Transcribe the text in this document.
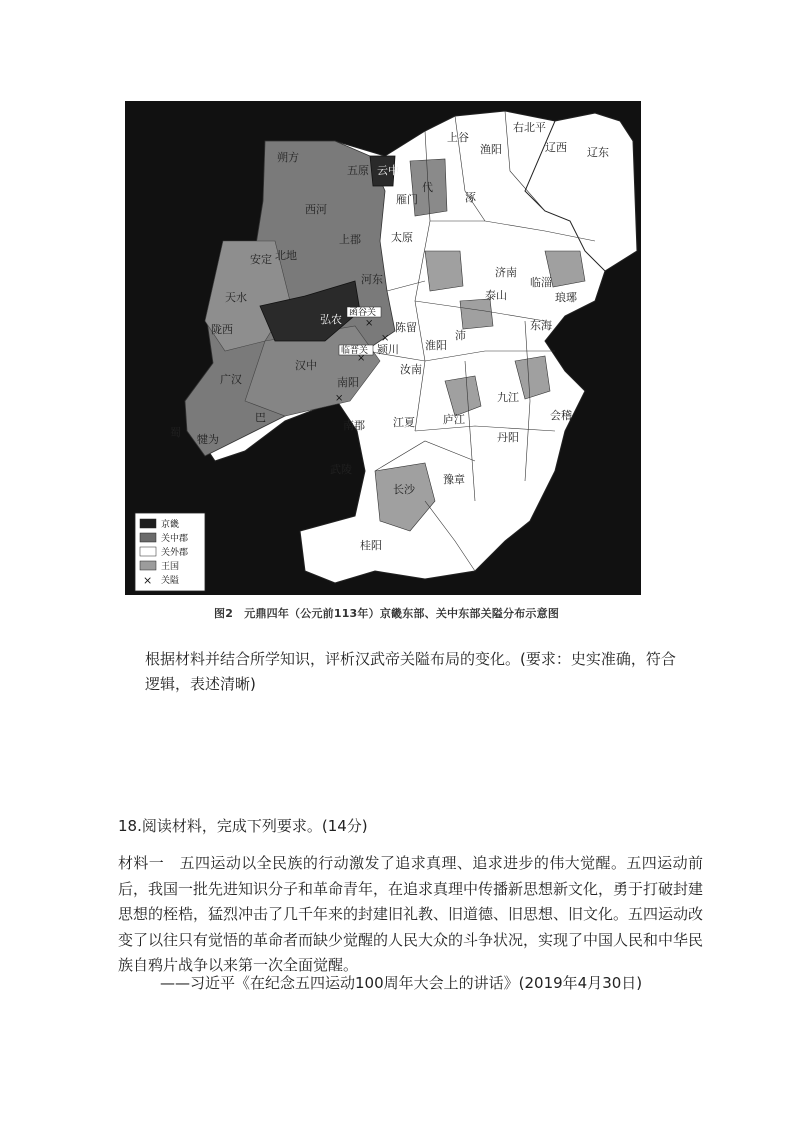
朔方
五原 云中
雁门
代
西河
上郡	太原
河东
北地
安定
天水
陇西
弘农
汉中
广汉
巴
蜀
犍为
武陵
长沙
豫章
桂阳
南阳
汝南
南郡	江夏	庐江
九江
会稽
丹阳
东海
琅琊
辽东
辽西
右北平
渔阳
上谷
涿
济南
泰山
陈留
颍川
沛
淮阳
临淄
函谷关
临晋关
×
×
×
×
京畿
关中郡
关外郡
王国
× 关隘
图2　元鼎四年（公元前113年）京畿东部、关中东部关隘分布示意图
根据材料并结合所学知识，评析汉武帝关隘布局的变化。(要求：史实准确，符合逻辑，表述清晰)
18.阅读材料，完成下列要求。(14分)
材料一　五四运动以全民族的行动激发了追求真理、追求进步的伟大觉醒。五四运动前后，我国一批先进知识分子和革命青年，在追求真理中传播新思想新文化，勇于打破封建思想的桎梏，猛烈冲击了几千年来的封建旧礼教、旧道德、旧思想、旧文化。五四运动改变了以往只有觉悟的革命者而缺少觉醒的人民大众的斗争状况，实现了中国人民和中华民族自鸦片战争以来第一次全面觉醒。
——习近平《在纪念五四运动100周年大会上的讲话》(2019年4月30日)
